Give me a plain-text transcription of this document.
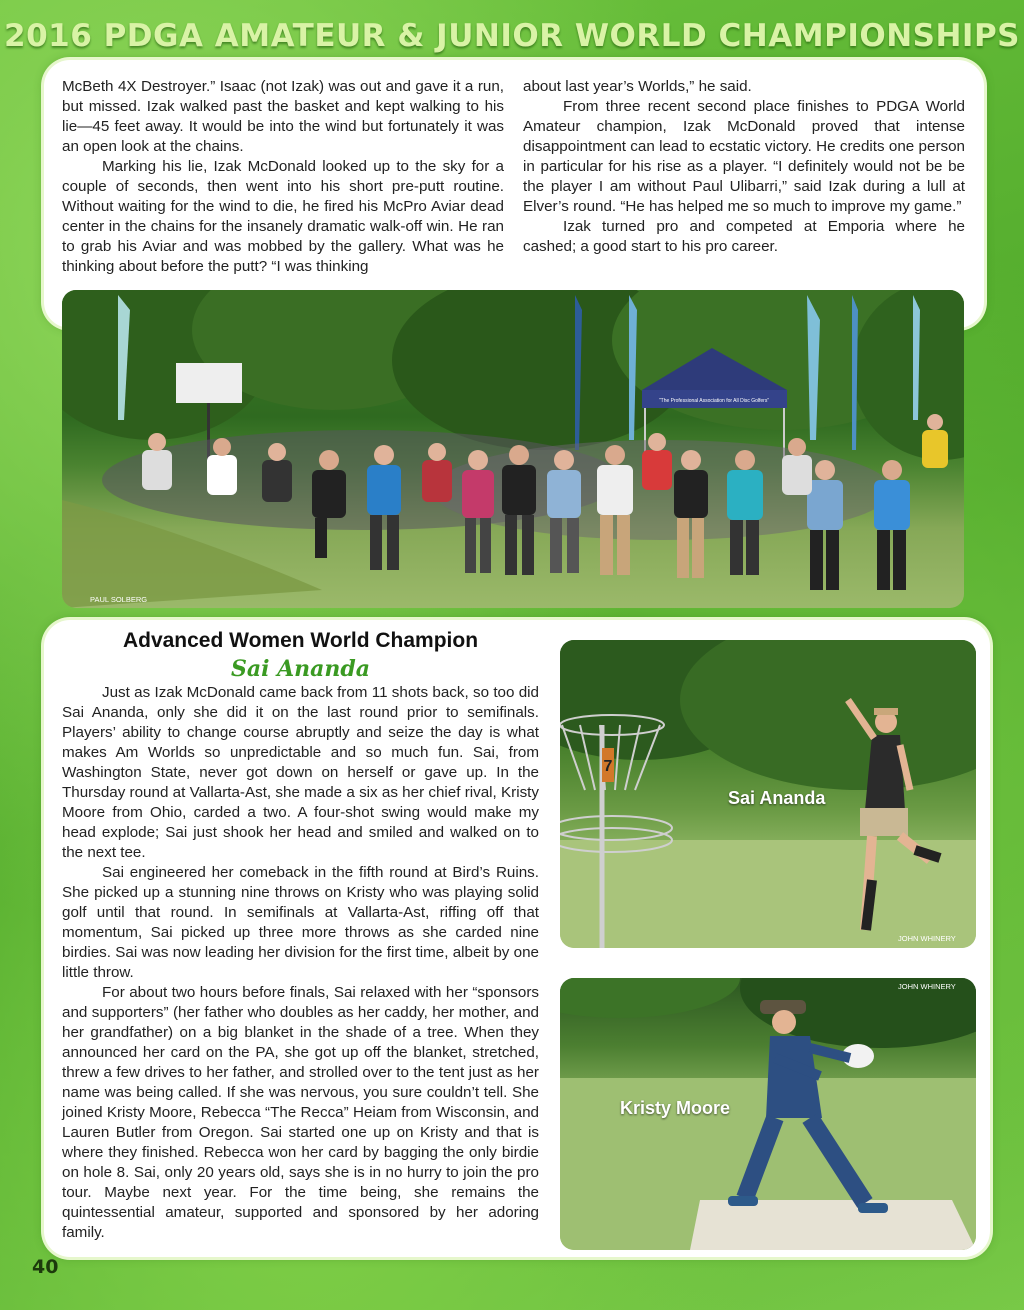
2016 PDGA AMATEUR & JUNIOR WORLD CHAMPIONSHIPS

McBeth 4X Destroyer.” Isaac (not Izak) was out and gave it a run, but missed. Izak walked past the basket and kept walking to his lie—45 feet away. It would be into the wind but fortunately it was an open look at the chains.

Marking his lie, Izak McDonald looked up to the sky for a couple of seconds, then went into his short pre-putt routine. Without waiting for the wind to die, he fired his McPro Aviar dead center in the chains for the insanely dramatic walk-off win. He ran to grab his Aviar and was mobbed by the gallery. What was he thinking about before the putt? “I was thinking

about last year’s Worlds,” he said.

From three recent second place finishes to PDGA World Amateur champion, Izak McDonald proved that intense disappointment can lead to ecstatic victory. He credits one person in particular for his rise as a player. “I definitely would not be be the player I am without Paul Ulibarri,” said Izak during a lull at Elver’s round. “He has helped me so much to improve my game.”

Izak turned pro and competed at Emporia where he cashed; a good start to his pro career.

“The Professional Association for All Disc Golfers”
PAUL SOLBERG
Advanced Women World Champion
Sai Ananda

Just as Izak McDonald came back from 11 shots back, so too did Sai Ananda, only she did it on the last round prior to semifinals. Players’ ability to change course abruptly and seize the day is what makes Am Worlds so unpredictable and so much fun. Sai, from Washington State, never got down on herself or gave up. In the Thursday round at Vallarta-Ast, she made a six as her chief rival, Kristy Moore from Ohio, carded a two. A four-shot swing would make my head explode; Sai just shook her head and smiled and walked on to the next tee.

Sai engineered her comeback in the fifth round at Bird’s Ruins. She picked up a stunning nine throws on Kristy who was playing solid golf until that round. In semifinals at Vallarta-Ast, riffing off that momentum, Sai picked up three more throws as she carded nine birdies. Sai was now leading her division for the first time, albeit by one little throw.

For about two hours before finals, Sai relaxed with her “sponsors and supporters” (her father who doubles as her caddy, her mother, and her grandfather) on a big blanket in the shade of a tree. When they announced her card on the PA, she got up off the blanket, stretched, threw a few drives to her father, and strolled over to the tent just as her name was being called. If she was nervous, you sure couldn’t tell. She joined Kristy Moore, Rebecca “The Recca” Heiam from Wisconsin, and Lauren Butler from Oregon. Sai started one up on Kristy and that is where they finished. Rebecca won her card by bagging the only birdie on hole 8. Sai, only 20 years old, says she is in no hurry to join the pro tour. Maybe next year. For the time being, she remains the quintessential amateur, supported and sponsored by her adoring family.

7
Sai Ananda
JOHN WHINERY
Kristy Moore
JOHN WHINERY
40
